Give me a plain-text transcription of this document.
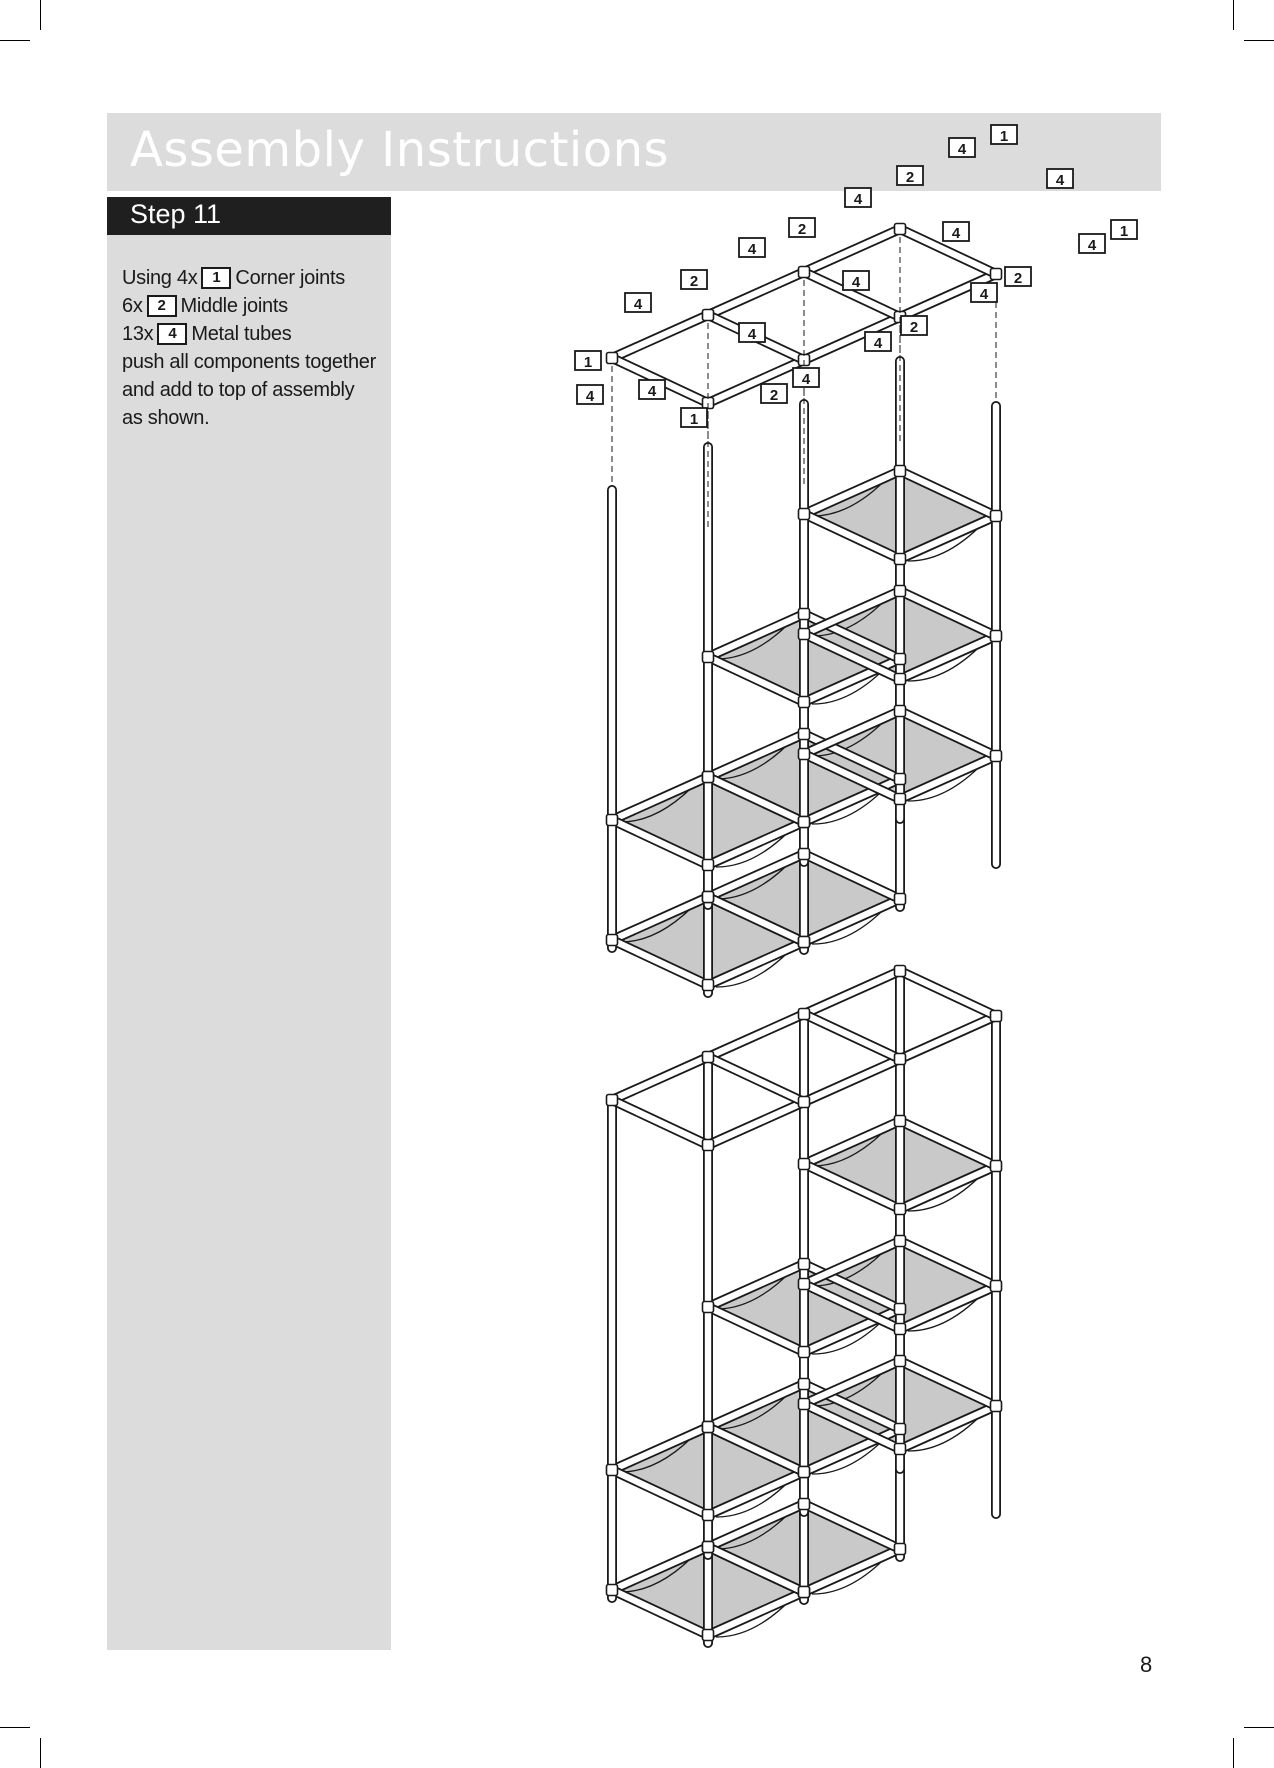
1
4
2
4
2
4
2
4
4
1
4
4
4	2
4
2
4
4
2
4
4
1
1
4
Assembly Instructions
Step 11
Using 4x 1 Corner joints
6x 2 Middle joints
13x 4 Metal tubes
push all components together
and add to top of assembly
as shown.
8
